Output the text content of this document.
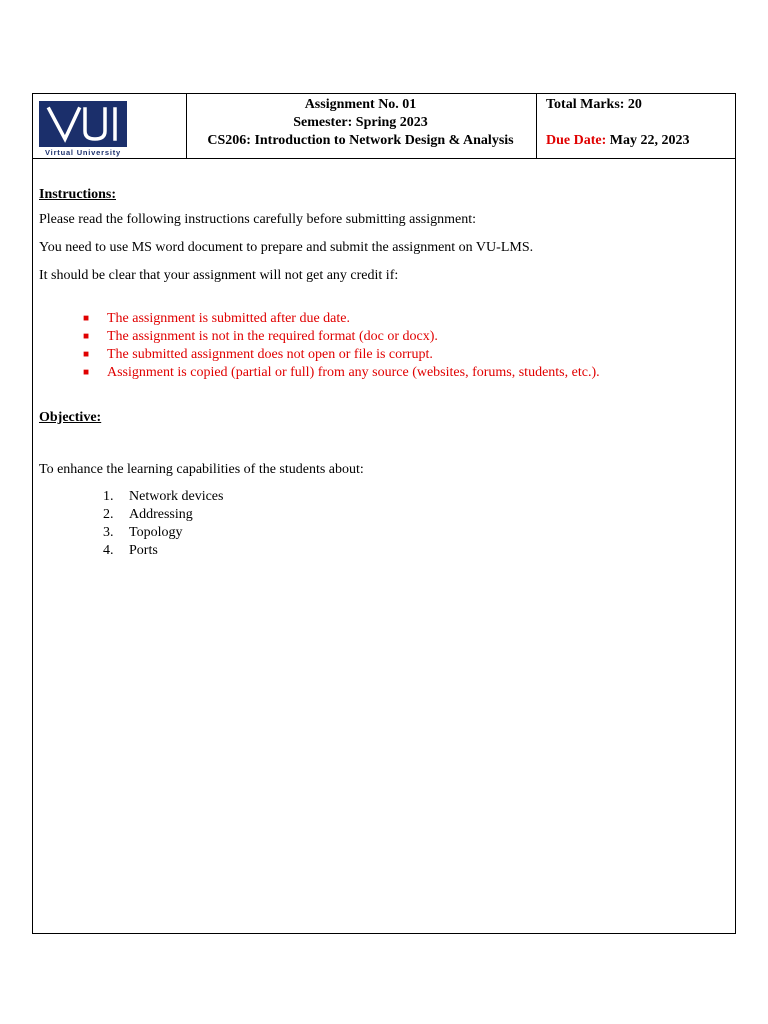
Virtual University
Assignment No. 01
Semester: Spring 2023
CS206: Introduction to Network Design & Analysis
Total Marks: 20
Due Date: May 22, 2023
Instructions:
Please read the following instructions carefully before submitting assignment:
You need to use MS word document to prepare and submit the assignment on VU-LMS.
It should be clear that your assignment will not get any credit if:
■	The assignment is submitted after due date.
■	The assignment is not in the required format (doc or docx).
■	The submitted assignment does not open or file is corrupt.
■	Assignment is copied (partial or full) from any source (websites, forums, students, etc.).
Objective:
To enhance the learning capabilities of the students about:
1. Network devices
2. Addressing
3. Topology
4. Ports
